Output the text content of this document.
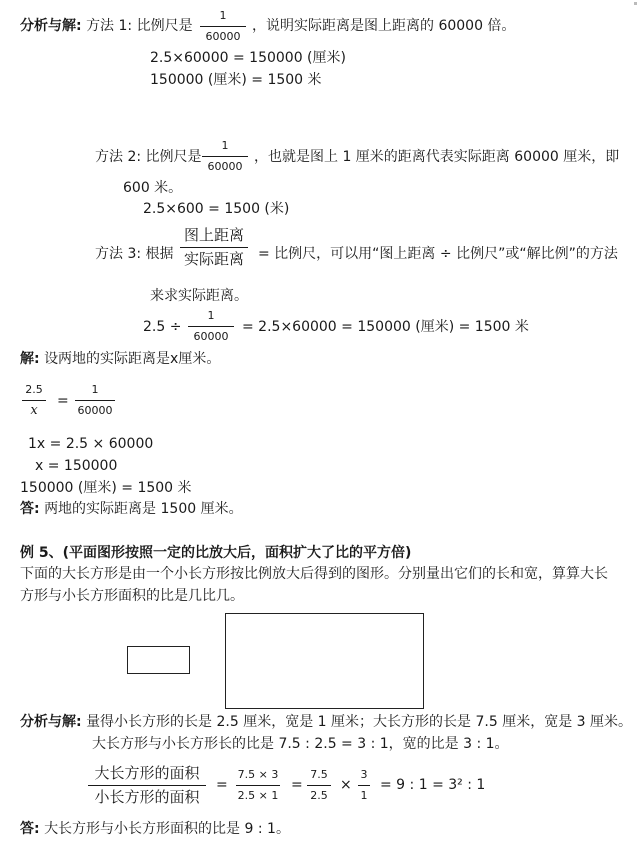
分析与解: 方法 1: 比例尺是
1
60000
，说明实际距离是图上距离的 60000 倍。
2.5×60000 = 150000 (厘米)
150000 (厘米) = 1500 米
方法 2: 比例尺是
1
60000
，也就是图上 1 厘米的距离代表实际距离 60000 厘米，即
600 米。
2.5×600 = 1500 (米)
方法 3: 根据
图上距离
实际距离 = 比例尺，可以用“图上距离 ÷ 比例尺”或“解比例”的方法
来求实际距离。
2.5 ÷
1
60000
= 2.5×60000 = 150000 (厘米) = 1500 米
解: 设两地的实际距离是x厘米。
2.5
x
=
1
60000
1x = 2.5 × 60000
x = 150000
150000 (厘米) = 1500 米
答: 两地的实际距离是 1500 厘米。
例 5、(平面图形按照一定的比放大后，面积扩大了比的平方倍)
下面的大长方形是由一个小长方形按比例放大后得到的图形。分别量出它们的长和宽，算算大长
方形与小长方形面积的比是几比几。
分析与解: 量得小长方形的长是 2.5 厘米，宽是 1 厘米；大长方形的长是 7.5 厘米，宽是 3 厘米。
大长方形与小长方形长的比是 7.5 : 2.5 = 3 : 1，宽的比是 3 : 1。
大长方形的面积
小长方形的面积
=
7.5 × 3
2.5 × 1
=
7.5
2.5
×
3
1
= 9 : 1 = 3² : 1
答: 大长方形与小长方形面积的比是 9 : 1。
